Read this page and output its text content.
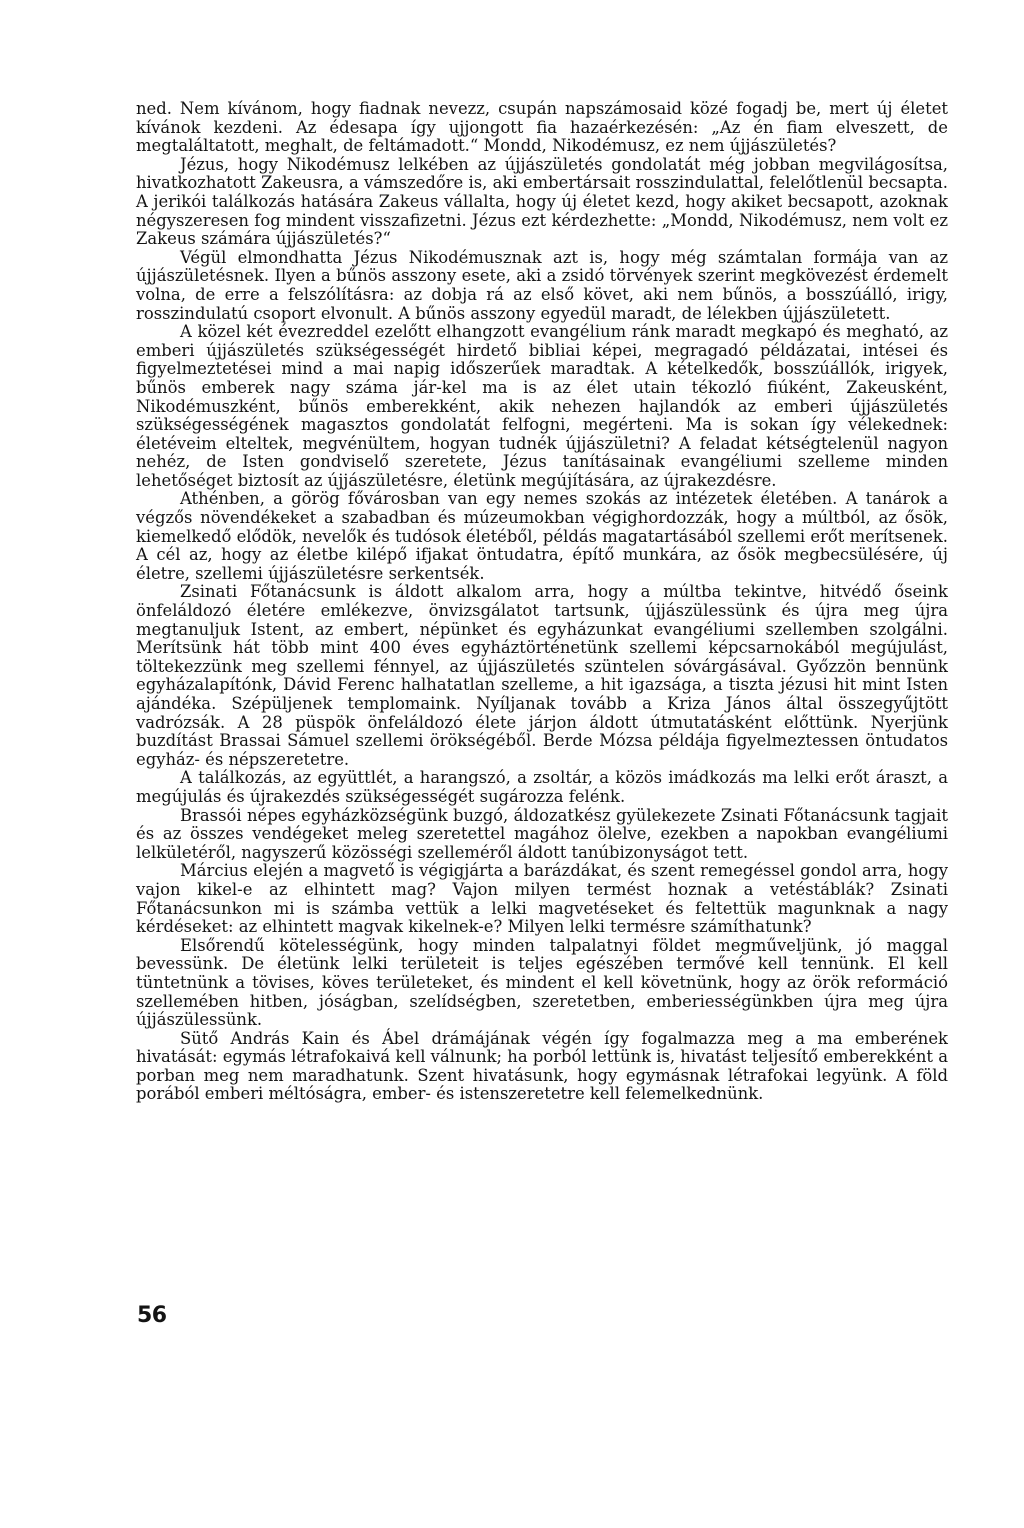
ned. Nem kívánom, hogy fiadnak nevezz, csupán napszámosaid közé fogadj be, mert új életet kívánok kezdeni. Az édesapa így ujjongott fia hazaérkezésén: „Az én fiam elveszett, de megtaláltatott, meghalt, de feltámadott.“ Mondd, Nikodémusz, ez nem újjászületés?

Jézus, hogy Nikodémusz lelkében az újjászületés gondolatát még jobban megvilágosítsa, hivatkozhatott Zakeusra, a vámszedőre is, aki embertársait rosszindulattal, felelőtlenül becsapta. A jerikói találkozás hatására Zakeus vállalta, hogy új életet kezd, hogy akiket becsapott, azoknak négyszeresen fog mindent visszafizetni. Jézus ezt kérdezhette: „Mondd, Nikodémusz, nem volt ez Zakeus számára újjászületés?“

Végül elmondhatta Jézus Nikodémusznak azt is, hogy még számtalan formája van az újjászületésnek. Ilyen a bűnös asszony esete, aki a zsidó törvények szerint megkövezést érdemelt volna, de erre a felszólításra: az dobja rá az első követ, aki nem bűnös, a bosszúálló, irigy, rosszindulatú csoport elvonult. A bűnös asszony egyedül maradt, de lélekben újjászületett.

A közel két évezreddel ezelőtt elhangzott evangélium ránk maradt megkapó és megható, az emberi újjászületés szükségességét hirdető bibliai képei, megragadó példázatai, intései és figyelmeztetései mind a mai napig időszerűek maradtak. A kételkedők, bosszúállók, irigyek, bűnös emberek nagy száma jár-kel ma is az élet utain tékozló fiúként, Zakeusként, Nikodémuszként, bűnös emberekként, akik nehezen hajlandók az emberi újjászületés szükségességének magasztos gondolatát felfogni, megérteni. Ma is sokan így vélekednek: életéveim elteltek, megvénültem, hogyan tudnék újjászületni? A feladat kétségtelenül nagyon nehéz, de Isten gondviselő szeretete, Jézus tanításainak evangéliumi szelleme minden lehetőséget biztosít az újjászületésre, életünk megújítására, az újrakezdésre.

Athénben, a görög fővárosban van egy nemes szokás az intézetek életében. A tanárok a végzős növendékeket a szabadban és múzeumokban végighordozzák, hogy a múltból, az ősök, kiemelkedő elődök, nevelők és tudósok életéből, példás magatartásából szellemi erőt merítsenek. A cél az, hogy az életbe kilépő ifjakat öntudatra, építő munkára, az ősök megbecsülésére, új életre, szellemi újjászületésre serkentsék.

Zsinati Főtanácsunk is áldott alkalom arra, hogy a múltba tekintve, hitvédő őseink önfeláldozó életére emlékezve, önvizsgálatot tartsunk, újjászülessünk és újra meg újra megtanuljuk Istent, az embert, népünket és egyházunkat evangéliumi szellemben szolgálni. Merítsünk hát több mint 400 éves egyháztörténetünk szellemi képcsarnokából megújulást, töltekezzünk meg szellemi fénnyel, az újjászületés szüntelen sóvárgásával. Győzzön bennünk egyházalapítónk, Dávid Ferenc halhatatlan szelleme, a hit igazsága, a tiszta jézusi hit mint Isten ajándéka. Szépüljenek templomaink. Nyíljanak tovább a Kriza János által összegyűjtött vadrózsák. A 28 püspök önfeláldozó élete járjon áldott útmutatásként előttünk. Nyerjünk buzdítást Brassai Sámuel szellemi örökségéből. Berde Mózsa példája figyelmeztessen öntudatos egyház- és népszeretetre.

A találkozás, az együttlét, a harangszó, a zsoltár, a közös imádkozás ma lelki erőt áraszt, a megújulás és újrakezdés szükségességét sugározza felénk.

Brassói népes egyházközségünk buzgó, áldozatkész gyülekezete Zsinati Főtanácsunk tagjait és az összes vendégeket meleg szeretettel magához ölelve, ezekben a napokban evangéliumi lelkületéről, nagyszerű közösségi szelleméről áldott tanúbizonyságot tett.

Március elején a magvető is végigjárta a barázdákat, és szent remegéssel gondol arra, hogy vajon kikel-e az elhintett mag? Vajon milyen termést hoznak a vetéstáblák? Zsinati Főtanácsunkon mi is számba vettük a lelki magvetéseket és feltettük magunknak a nagy kérdéseket: az elhintett magvak kikelnek-e? Milyen lelki termésre számíthatunk?

Elsőrendű kötelességünk, hogy minden talpalatnyi földet megműveljünk, jó maggal bevessünk. De életünk lelki területeit is teljes egészében termővé kell tennünk. El kell tüntetnünk a tövises, köves területeket, és mindent el kell követnünk, hogy az örök reformáció szellemében hitben, jóságban, szelídségben, szeretetben, emberiességünkben újra meg újra újjászülessünk.

Sütő András Kain és Ábel drámájának végén így fogalmazza meg a ma emberének hivatását: egymás létrafokaivá kell válnunk; ha porból lettünk is, hivatást teljesítő emberekként a porban meg nem maradhatunk. Szent hivatásunk, hogy egymásnak létrafokai legyünk. A föld porából emberi méltóságra, ember- és istenszeretetre kell felemelkednünk.

56
